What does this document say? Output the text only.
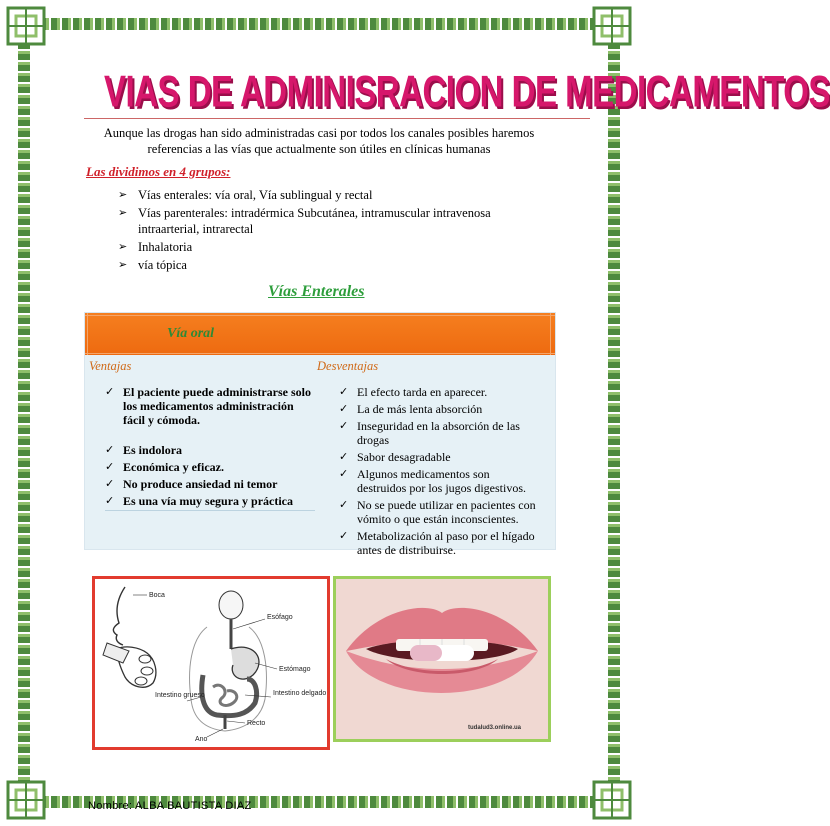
VIAS DE ADMINISRACION DE MEDICAMENTOS
Aunque las drogas han sido administradas casi por todos los canales posibles haremos referencias a las vías que actualmente son útiles en clínicas humanas
Las dividimos en 4 grupos:
➢ Vías enterales: vía oral, Vía sublingual y rectal
➢ Vías parenterales: intradérmica Subcutánea, intramuscular intravenosa intraarterial, intrarectal
➢ Inhalatoria
➢ vía tópica
Vías Enterales
Vía oral
Ventajas	Desventajas
✓ El paciente puede administrarse solo los medicamentos administración fácil y cómoda.
✓ Es indolora
✓ Económica y eficaz.
✓ No produce ansiedad ni temor
✓ Es una vía muy segura y práctica
✓ El efecto tarda en aparecer.
✓ La de más lenta absorción
✓ Inseguridad en la absorción de las drogas
✓ Sabor desagradable
✓ Algunos medicamentos son destruidos por los jugos digestivos.
✓ No se puede utilizar en pacientes con vómito o que están inconscientes.
✓ Metabolización al paso por el hígado antes de distribuirse.
Boca
Esófago
Estómago
Intestino grueso	Intestino delgado
Recto
Ano
tudalud3.online.ua
Nombre: ALBA BAUTISTA DIAZ
